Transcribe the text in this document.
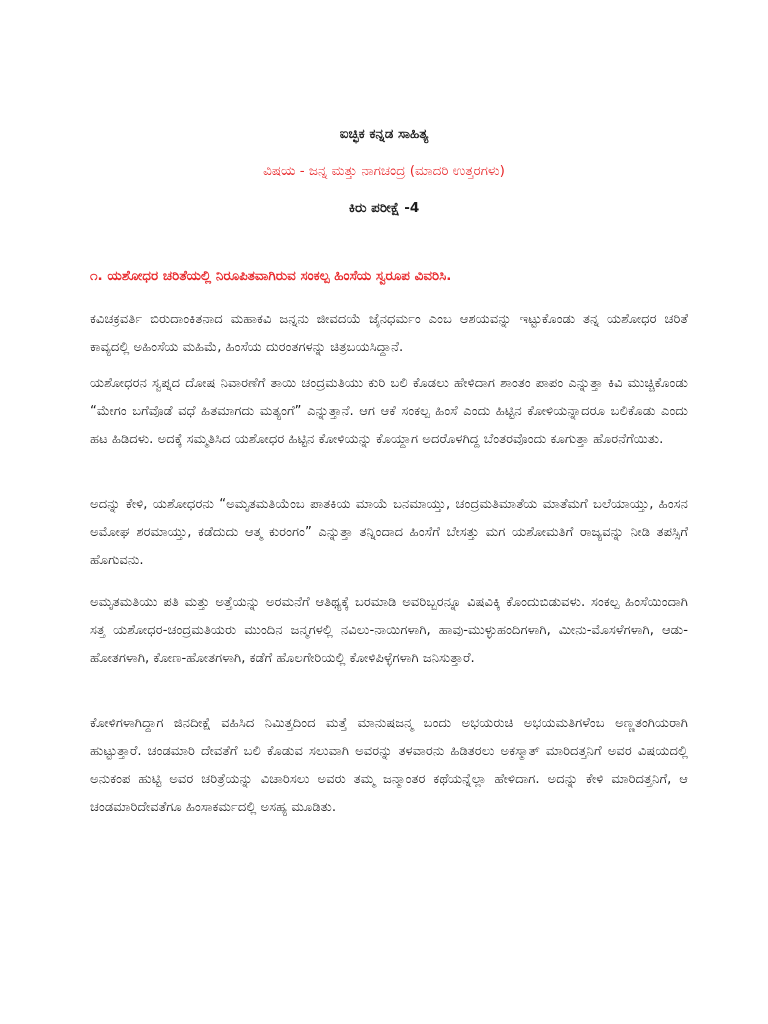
ಐಚ್ಛಿಕ ಕನ್ನಡ ಸಾಹಿತ್ಯ
ವಿಷಯ - ಜನ್ನ ಮತ್ತು ನಾಗಚಂದ್ರ (ಮಾದರಿ ಉತ್ತರಗಳು)
ಕಿರು ಪರೀಕ್ಷೆ -4
೧. ಯಶೋಧರ ಚರಿತೆಯಲ್ಲಿ ನಿರೂಪಿತವಾಗಿರುವ ಸಂಕಲ್ಪ ಹಿಂಸೆಯ ಸ್ವರೂಪ ವಿವರಿಸಿ.

ಕವಿಚಕ್ರವರ್ತಿ ಬಿರುದಾಂಕಿತನಾದ ಮಹಾಕವಿ ಜನ್ನನು ಜೀವದಯೆ ಜೈನಧರ್ಮಂ ಎಂಬ ಆಶಯವನ್ನು ಇಟ್ಟುಕೊಂಡು ತನ್ನ ಯಶೋಧರ ಚರಿತೆ ಕಾವ್ಯದಲ್ಲಿ ಅಹಿಂಸೆಯ ಮಹಿಮೆ, ಹಿಂಸೆಯ ದುರಂತಗಳನ್ನು ಚಿತ್ರಬಯಸಿದ್ದಾನೆ.

ಯಶೋಧರನ ಸ್ವಪ್ನದ ದೋಷ ನಿವಾರಣೆಗೆ ತಾಯಿ ಚಂದ್ರಮತಿಯು ಕುರಿ ಬಲಿ ಕೊಡಲು ಹೇಳಿದಾಗ ಶಾಂತಂ ಪಾಪಂ ಎನ್ನುತ್ತಾ ಕಿವಿ ಮುಚ್ಚಿಕೊಂಡು “ಮೇಗಂ ಬಗೆವೊಡೆ ವಧೆ ಹಿತಮಾಗದು ಮತ್ಯಂಗೆ” ಎನ್ನುತ್ತಾನೆ. ಆಗ ಆಕೆ ಸಂಕಲ್ಪ ಹಿಂಸೆ ಎಂದು ಹಿಟ್ಟಿನ ಕೋಳಿಯನ್ನಾದರೂ ಬಲಿಕೊಡು ಎಂದು ಹಟ ಹಿಡಿದಳು. ಅದಕ್ಕೆ ಸಮ್ಮತಿಸಿದ ಯಶೋಧರ ಹಿಟ್ಟಿನ ಕೋಳಿಯನ್ನು ಕೊಯ್ದಾಗ ಅದರೊಳಗಿದ್ದ ಬೆಂತರವೊಂದು ಕೂಗುತ್ತಾ ಹೊರನೆಗೆಯಿತು.

ಅದನ್ನು ಕೇಳಿ, ಯಶೋಧರನು “ಅಮೃತಮತಿಯೆಂಬ ಪಾತಕಿಯ ಮಾಯೆ ಬನಮಾಯ್ತು, ಚಂದ್ರಮತಿಮಾತೆಯ ಮಾತೆಮಗೆ ಬಲೆಯಾಯ್ತು, ಹಿಂಸನ ಅಮೋಘ ಶರಮಾಯ್ತು, ಕಡೆದುದು ಆತ್ಮ ಕುರಂಗಂ” ಎನ್ನುತ್ತಾ ತನ್ನಿಂದಾದ ಹಿಂಸೆಗೆ ಬೇಸತ್ತು ಮಗ ಯಶೋಮತಿಗೆ ರಾಜ್ಯವನ್ನು ನೀಡಿ ತಪಸ್ಸಿಗೆ ಹೊಗುವನು.

ಅಮೃತಮತಿಯು ಪತಿ ಮತ್ತು ಅತ್ತೆಯನ್ನು ಅರಮನೆಗೆ ಆತಿಥ್ಯಕ್ಕೆ ಬರಮಾಡಿ ಅವರಿಬ್ಬರನ್ನೂ ವಿಷವಿಕ್ಕಿ ಕೊಂದುಬಿಡುವಳು. ಸಂಕಲ್ಪ ಹಿಂಸೆಯಿಂದಾಗಿ ಸತ್ತ ಯಶೋಧರ-ಚಂದ್ರಮತಿಯರು ಮುಂದಿನ ಜನ್ಮಗಳಲ್ಲಿ ನವಿಲು-ನಾಯಿಗಳಾಗಿ, ಹಾವು-ಮುಳ್ಳುಹಂದಿಗಳಾಗಿ, ಮೀನು-ಮೊಸಳೆಗಳಾಗಿ, ಆಡು-ಹೋತಗಳಾಗಿ, ಕೋಣ-ಹೋತಗಳಾಗಿ, ಕಡೆಗೆ ಹೊಲಗೇರಿಯಲ್ಲಿ ಕೋಳಿಪಿಳ್ಳೆಗಳಾಗಿ ಜನಿಸುತ್ತಾರೆ.

ಕೋಳಿಗಳಾಗಿದ್ದಾಗ ಜಿನದೀಕ್ಷೆ ವಹಿಸಿದ ನಿಮಿತ್ತದಿಂದ ಮತ್ತೆ ಮಾನುಷಜನ್ಮ ಬಂದು ಅಭಯರುಚಿ ಅಭಯಮತಿಗಳೆಂಬ ಅಣ್ಣತಂಗಿಯರಾಗಿ ಹುಟ್ಟುತ್ತಾರೆ. ಚಂಡಮಾರಿ ದೇವತೆಗೆ ಬಲಿ ಕೊಡುವ ಸಲುವಾಗಿ ಅವರನ್ನು ತಳವಾರನು ಹಿಡಿತರಲು ಅಕಸ್ಮಾತ್ ಮಾರಿದತ್ತನಿಗೆ ಅವರ ವಿಷಯದಲ್ಲಿ ಅನುಕಂಪ ಹುಟ್ಟಿ ಅವರ ಚರಿತ್ರೆಯನ್ನು ವಿಚಾರಿಸಲು ಅವರು ತಮ್ಮ ಜನ್ಮಾಂತರ ಕಥೆಯನ್ನೆಲ್ಲಾ ಹೇಳಿದಾಗ. ಅದನ್ನು ಕೇಳಿ ಮಾರಿದತ್ತನಿಗೆ, ಆ ಚಂಡಮಾರಿದೇವತೆಗೂ ಹಿಂಸಾಕರ್ಮದಲ್ಲಿ ಅಸಹ್ಯ ಮೂಡಿತು.
